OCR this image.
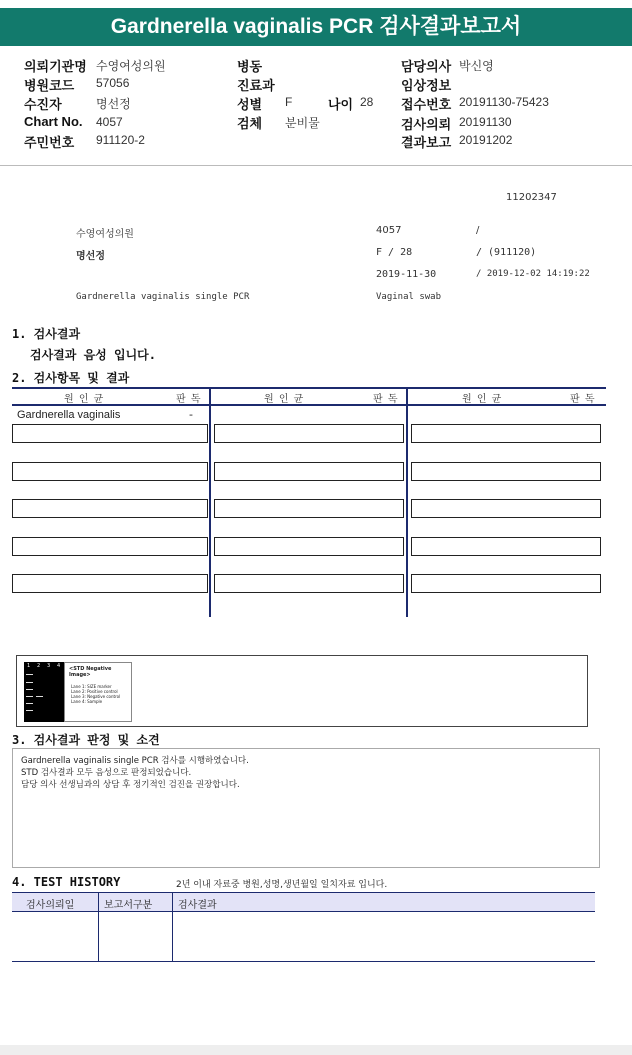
Gardnerella vaginalis PCR 검사결과보고서
의뢰기관명 수영여성의원
병원코드 57056
수진자	명선정
Chart No. 4057
주민번호 911120-2
병동
진료과
성별 F	나이 28
검체 분비물
담당의사 박신영
임상정보
접수번호 20191130-75423
검사의뢰 20191130
결과보고 20191202
11202347
수영여성의원	4057	/
명선정	F / 28	/ (911120)
2019-11-30	/ 2019-12-02 14:19:22
Gardnerella vaginalis single PCR	Vaginal swab
1. 검사결과
검사결과 음성 입니다.
2. 검사항목 및 결과
원 인 균	판 독	원 인 균	판 독	원 인 균	판 독
Gardnerella vaginalis	-
1 2 3 4 <STD Negative Image>
Lane 1: SIZE marker
Lane 2: Positive control
Lane 3: Negative control
Lane 4: Sample
3. 검사결과 판정 및 소견
Gardnerella vaginalis single PCR 검사를 시행하였습니다.
STD 검사결과 모두 음성으로 판정되었습니다.
담당 의사 선생님과의 상담 후 정기적인 검진을 권장합니다.
4. TEST HISTORY	2년 이내 자료중 병원,성명,생년월일 일치자료 입니다.
검사의뢰일	보고서구분	검사결과
